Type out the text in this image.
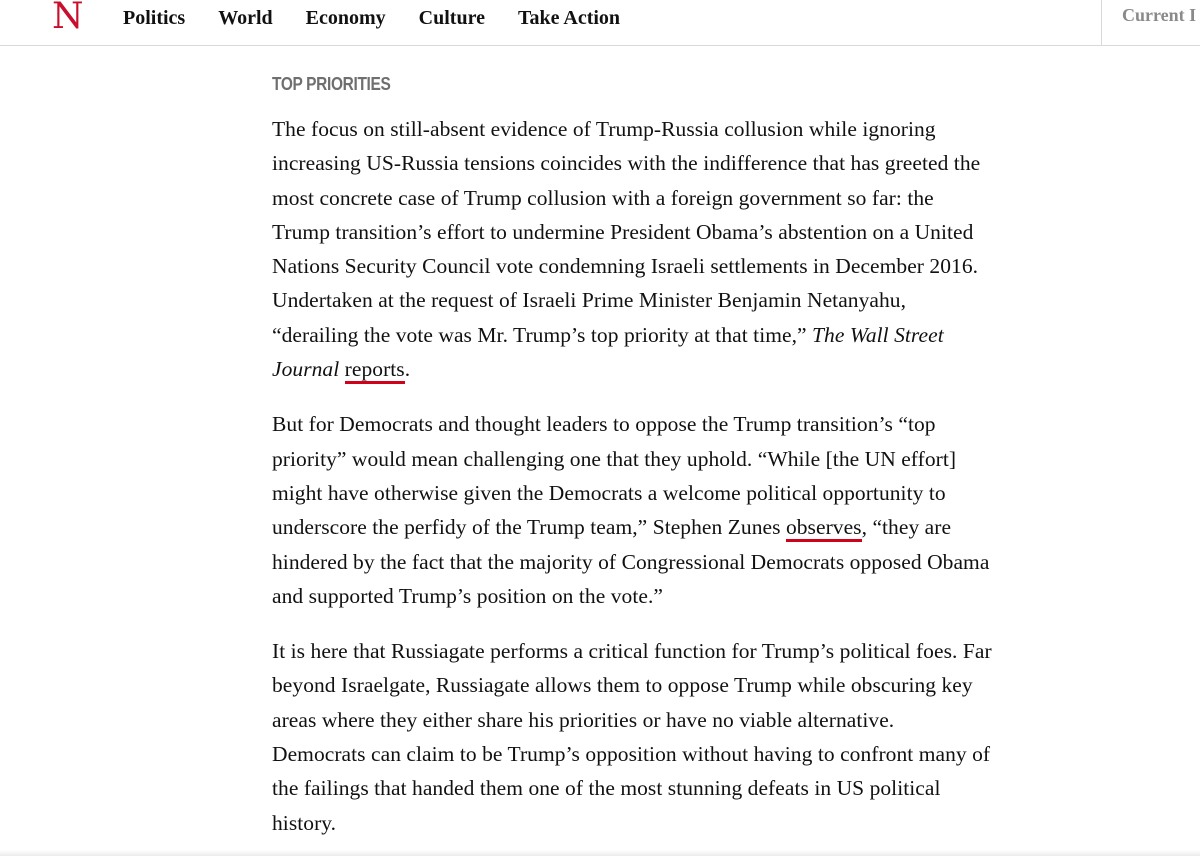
N Politics World Economy Culture Take Action	Current I
TOP PRIORITIES

The focus on still-absent evidence of Trump-Russia collusion while ignoring increasing US-Russia tensions coincides with the indifference that has greeted the most concrete case of Trump collusion with a foreign government so far: the Trump transition’s effort to undermine President Obama’s abstention on a United Nations Security Council vote condemning Israeli settlements in December 2016. Undertaken at the request of Israeli Prime Minister Benjamin Netanyahu, “derailing the vote was Mr. Trump’s top priority at that time,” The Wall Street Journal reports.

But for Democrats and thought leaders to oppose the Trump transition’s “top priority” would mean challenging one that they uphold. “While [the UN effort] might have otherwise given the Democrats a welcome political opportunity to underscore the perfidy of the Trump team,” Stephen Zunes observes, “they are hindered by the fact that the majority of Congressional Democrats opposed Obama and supported Trump’s position on the vote.”

It is here that Russiagate performs a critical function for Trump’s political foes. Far beyond Israelgate, Russiagate allows them to oppose Trump while obscuring key areas where they either share his priorities or have no viable alternative. Democrats can claim to be Trump’s opposition without having to confront many of the failings that handed them one of the most stunning defeats in US political history.
